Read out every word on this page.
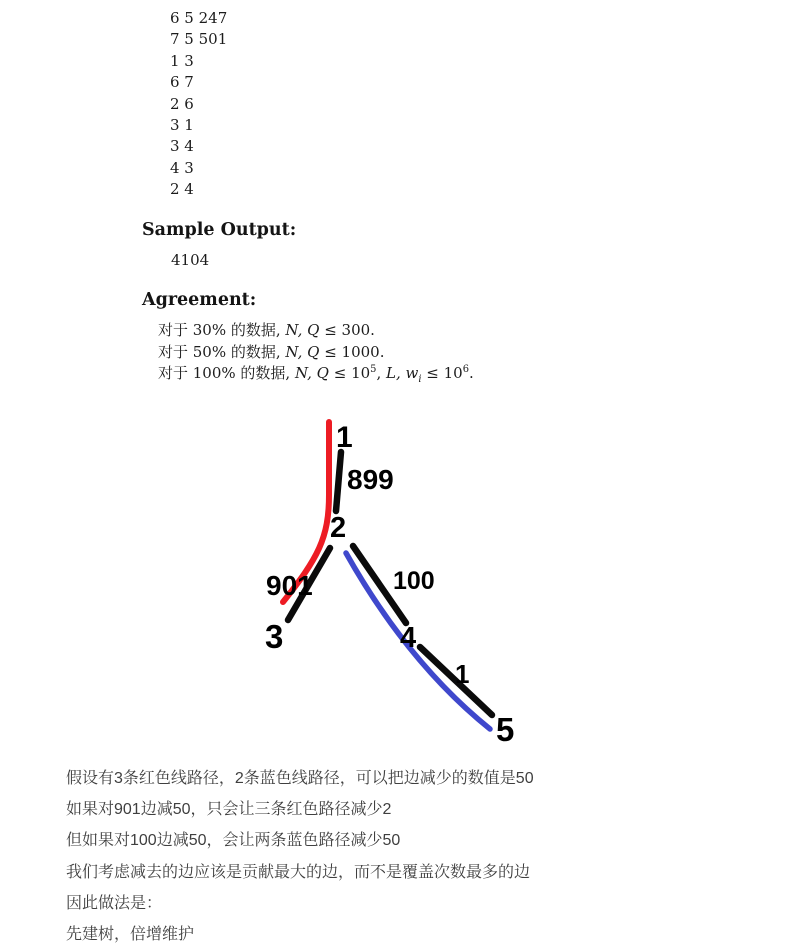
6 5 247
7 5 501
1 3
6 7
2 6
3 1
3 4
4 3
2 4
Sample Output:
4104
Agreement:
对于 30% 的数据, N, Q ≤ 300.
对于 50% 的数据, N, Q ≤ 1000.
对于 100% 的数据, N, $Q \le 10^5$, L, $w_i \le 10^6$.
1
2
3	4
5
899
901	100
1

假设有3条红色线路径，2条蓝色线路径，可以把边减少的数值是50

如果对901边减50，只会让三条红色路径减少2

但如果对100边减50，会让两条蓝色路径减少50

我们考虑减去的边应该是贡献最大的边，而不是覆盖次数最多的边

因此做法是：

先建树，倍增维护
